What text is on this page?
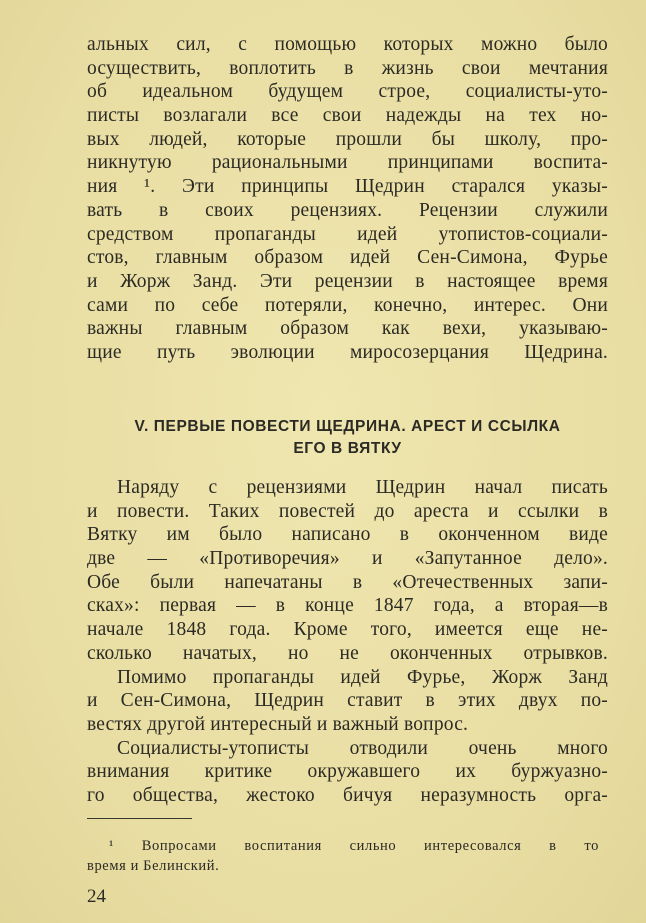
альных сил, с помощью которых можно было
осуществить, воплотить в жизнь свои мечтания
об идеальном будущем строе, социалисты-уто-
писты возлагали все свои надежды на тех но-
вых людей, которые прошли бы школу, про-
никнутую рациональными принципами воспита-
ния ¹. Эти принципы Щедрин старался указы-
вать в своих рецензиях. Рецензии служили
средством пропаганды идей утопистов-социали-
стов, главным образом идей Сен-Симона, Фурье
и Жорж Занд. Эти рецензии в настоящее время
сами по себе потеряли, конечно, интерес. Они
важны главным образом как вехи, указываю-
щие путь эволюции миросозерцания Щедрина.
V. ПЕРВЫЕ ПОВЕСТИ ЩЕДРИНА. АРЕСТ И ССЫЛКА
ЕГО В ВЯТКУ
Наряду с рецензиями Щедрин начал писать
и повести. Таких повестей до ареста и ссылки в
Вятку им было написано в оконченном виде
две — «Противоречия» и «Запутанное дело».
Обе были напечатаны в «Отечественных запи-
сках»: первая — в конце 1847 года, а вторая—в
начале 1848 года. Кроме того, имеется еще не-
сколько начатых, но не оконченных отрывков.
Помимо пропаганды идей Фурье, Жорж Занд
и Сен-Симона, Щедрин ставит в этих двух по-
вестях другой интересный и важный вопрос.
Социалисты-утописты отводили очень много
внимания критике окружавшего их буржуазно-
го общества, жестоко бичуя неразумность орга-
¹ Вопросами воспитания сильно интересовался в то
время и Белинский.
24
